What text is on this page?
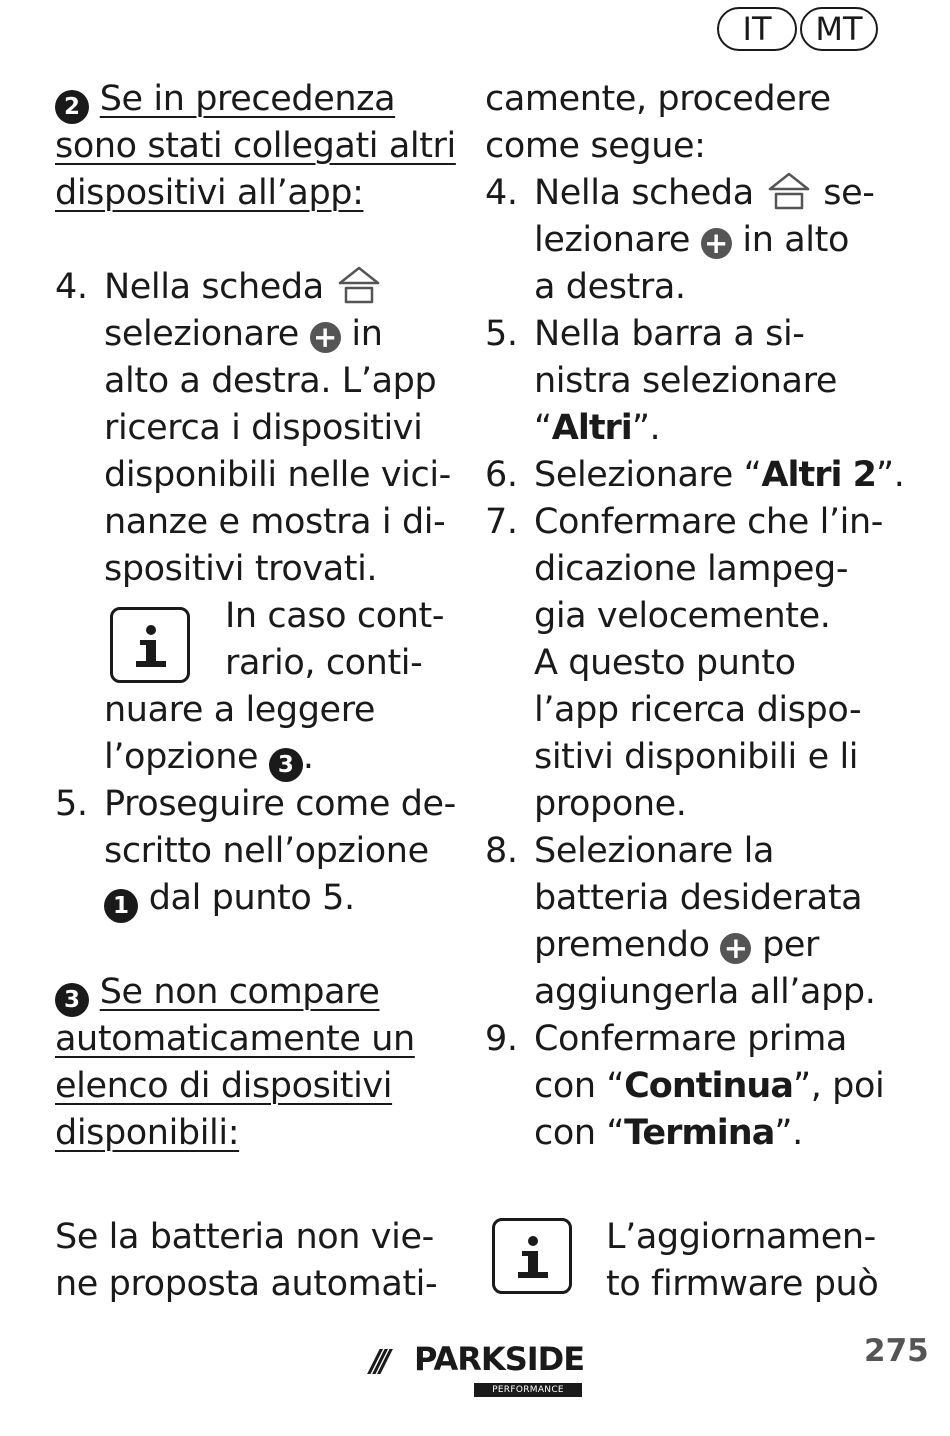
IT	MT
2 Se in precedenza
sono stati collegati altri
dispositivi all’app:
4. Nella scheda
selezionare + in
alto a destra. L’app
ricerca i dispositivi
disponibili nelle vici-
nanze e mostra i di-
spositivi trovati.
In caso cont-
rario, conti-
nuare a leggere
l’opzione 3 .
5. Proseguire come de-
scritto nell’opzione
1 dal punto 5.
3 Se non compare
automaticamente un
elenco di dispositivi
disponibili:
Se la batteria non vie-
ne proposta automati-
camente, procedere
come segue:
4. Nella scheda se-
lezionare + in alto
a destra.
5. Nella barra a si-
nistra selezionare
“Altri”.
6. Selezionare “Altri 2”.
7. Confermare che l’in-
dicazione lampeg-
gia velocemente.
A questo punto
l’app ricerca dispo-
sitivi disponibili e li
propone.
8. Selezionare la
batteria desiderata
premendo + per
aggiungerla all’app.
9. Confermare prima
con “Continua”, poi
con “Termina”.
L’aggiornamen-
to firmware può
/// PARKSIDE
PERFORMANCE
275
